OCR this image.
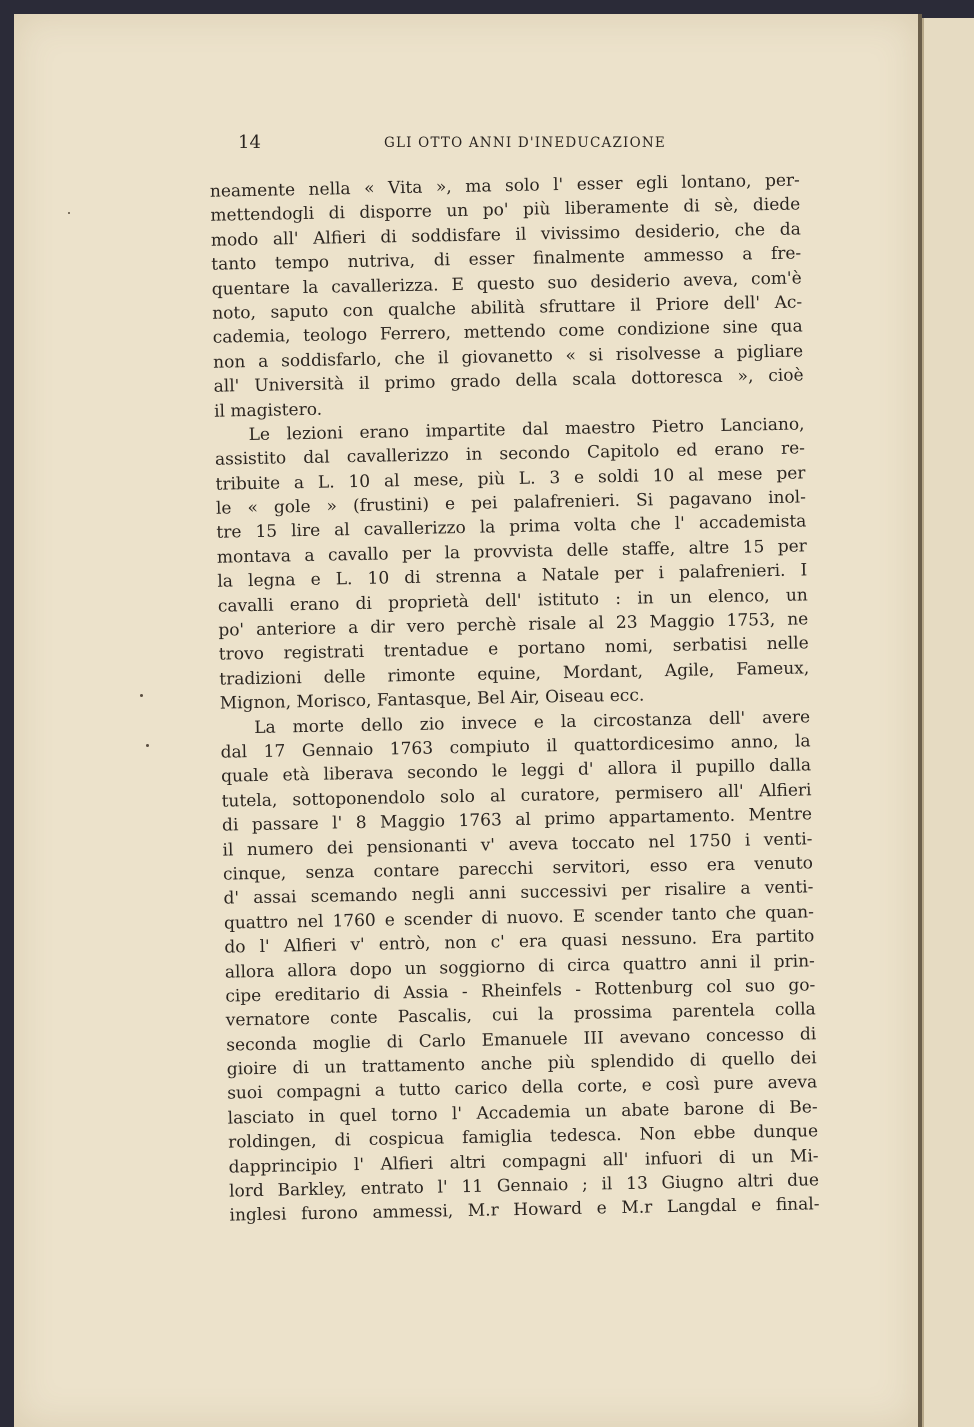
14	GLI OTTO ANNI D'INEDUCAZIONE
neamente nella « Vita », ma solo l' esser egli lontano, per-
mettendogli di disporre un po' più liberamente di sè, diede
modo all' Alfieri di soddisfare il vivissimo desiderio, che da
tanto tempo nutriva, di esser finalmente ammesso a fre-
quentare la cavallerizza. E questo suo desiderio aveva, com'è
noto, saputo con qualche abilità sfruttare il Priore dell' Ac-
cademia, teologo Ferrero, mettendo come condizione sine qua
non a soddisfarlo, che il giovanetto « si risolvesse a pigliare
all' Università il primo grado della scala dottoresca », cioè
il magistero.
Le lezioni erano impartite dal maestro Pietro Lanciano,
assistito dal cavallerizzo in secondo Capitolo ed erano re-
tribuite a L. 10 al mese, più L. 3 e soldi 10 al mese per
le « gole » (frustini) e pei palafrenieri. Si pagavano inol-
tre 15 lire al cavallerizzo la prima volta che l' accademista
montava a cavallo per la provvista delle staffe, altre 15 per
la legna e L. 10 di strenna a Natale per i palafrenieri. I
cavalli erano di proprietà dell' istituto : in un elenco, un
po' anteriore a dir vero perchè risale al 23 Maggio 1753, ne
trovo registrati trentadue e portano nomi, serbatisi nelle
tradizioni delle rimonte equine, Mordant, Agile, Fameux,
Mignon, Morisco, Fantasque, Bel Air, Oiseau ecc.
La morte dello zio invece e la circostanza dell' avere
dal 17 Gennaio 1763 compiuto il quattordicesimo anno, la
quale età liberava secondo le leggi d' allora il pupillo dalla
tutela, sottoponendolo solo al curatore, permisero all' Alfieri
di passare l' 8 Maggio 1763 al primo appartamento. Mentre
il numero dei pensionanti v' aveva toccato nel 1750 i venti-
cinque, senza contare parecchi servitori, esso era venuto
d' assai scemando negli anni successivi per risalire a venti-
quattro nel 1760 e scender di nuovo. E scender tanto che quan-
do l' Alfieri v' entrò, non c' era quasi nessuno. Era partito
allora allora dopo un soggiorno di circa quattro anni il prin-
cipe ereditario di Assia - Rheinfels - Rottenburg col suo go-
vernatore conte Pascalis, cui la prossima parentela colla
seconda moglie di Carlo Emanuele III avevano concesso di
gioire di un trattamento anche più splendido di quello dei
suoi compagni a tutto carico della corte, e così pure aveva
lasciato in quel torno l' Accademia un abate barone di Be-
roldingen, di cospicua famiglia tedesca. Non ebbe dunque
dapprincipio l' Alfieri altri compagni all' infuori di un Mi-
lord Barkley, entrato l' 11 Gennaio ; il 13 Giugno altri due
inglesi furono ammessi, M.r Howard e M.r Langdal e final-
